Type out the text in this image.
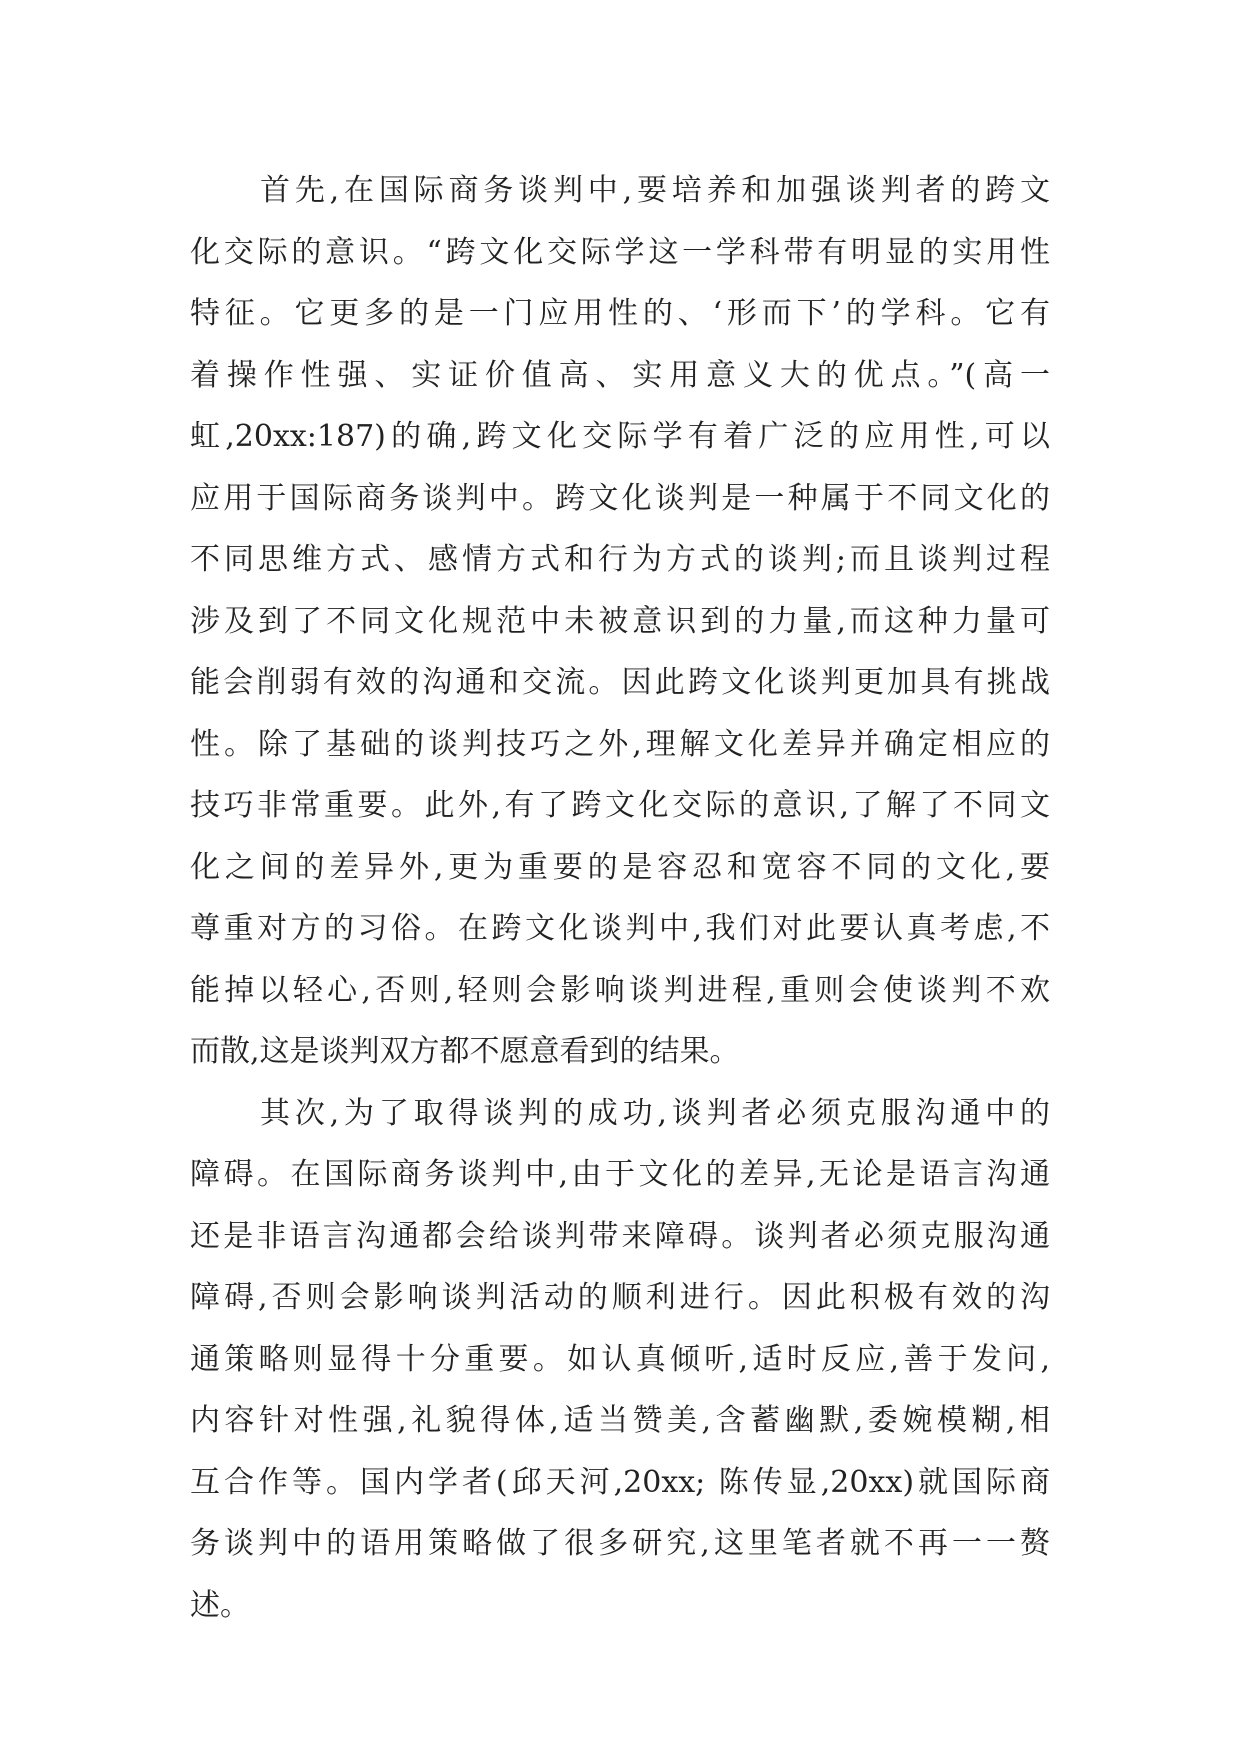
首先,在国际商务谈判中,要培养和加强谈判者的跨文
化交际的意识。“跨文化交际学这一学科带有明显的实用性
特征。它更多的是一门应用性的、‘形而下’的学科。它有
着操作性强、实证价值高、实用意义大的优点。”(高一
虹,20xx:187)的确,跨文化交际学有着广泛的应用性,可以
应用于国际商务谈判中。跨文化谈判是一种属于不同文化的
不同思维方式、感情方式和行为方式的谈判;而且谈判过程
涉及到了不同文化规范中未被意识到的力量,而这种力量可
能会削弱有效的沟通和交流。因此跨文化谈判更加具有挑战
性。除了基础的谈判技巧之外,理解文化差异并确定相应的
技巧非常重要。此外,有了跨文化交际的意识,了解了不同文
化之间的差异外,更为重要的是容忍和宽容不同的文化,要
尊重对方的习俗。在跨文化谈判中,我们对此要认真考虑,不
能掉以轻心,否则,轻则会影响谈判进程,重则会使谈判不欢
而散,这是谈判双方都不愿意看到的结果。
其次,为了取得谈判的成功,谈判者必须克服沟通中的
障碍。在国际商务谈判中,由于文化的差异,无论是语言沟通
还是非语言沟通都会给谈判带来障碍。谈判者必须克服沟通
障碍,否则会影响谈判活动的顺利进行。因此积极有效的沟
通策略则显得十分重要。如认真倾听,适时反应,善于发问,
内容针对性强,礼貌得体,适当赞美,含蓄幽默,委婉模糊,相
互合作等。国内学者(邱天河,20xx; 陈传显,20xx)就国际商
务谈判中的语用策略做了很多研究,这里笔者就不再一一赘
述。
